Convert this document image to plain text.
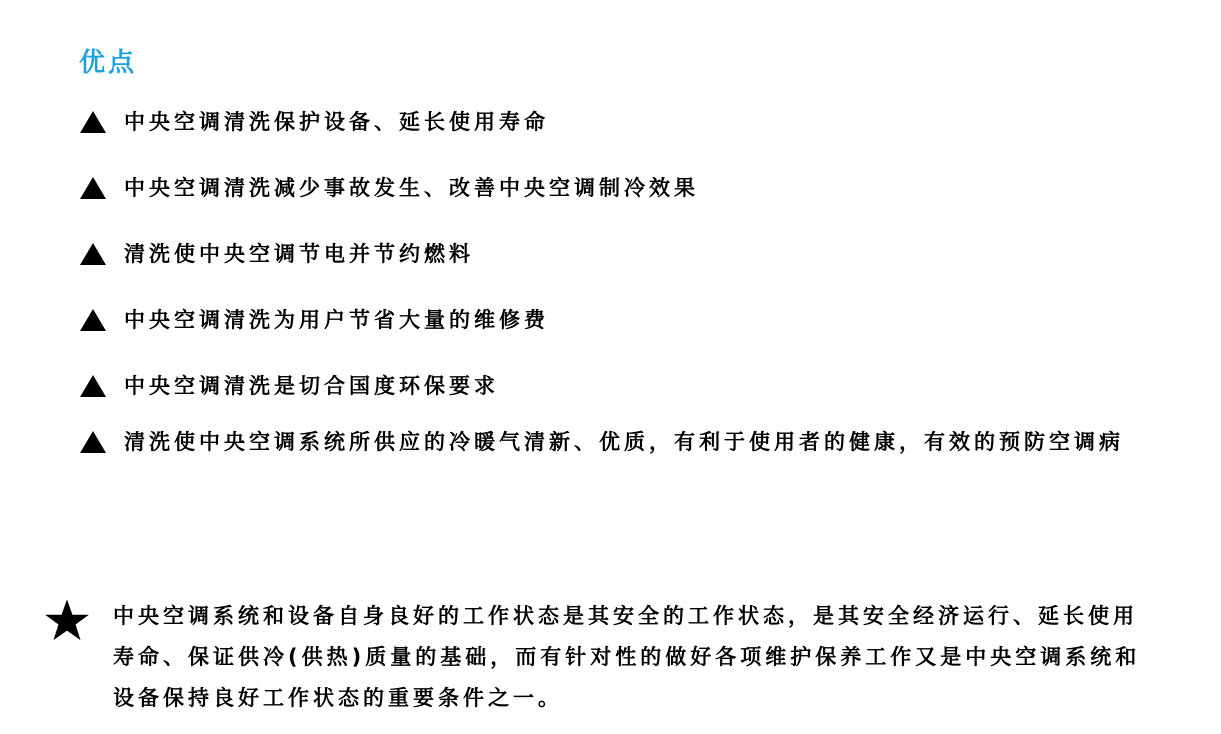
优点
中央空调清洗保护设备、延长使用寿命
中央空调清洗减少事故发生、改善中央空调制冷效果
清洗使中央空调节电并节约燃料
中央空调清洗为用户节省大量的维修费
中央空调清洗是切合国度环保要求
清洗使中央空调系统所供应的冷暖气清新、优质，有利于使用者的健康，有效的预防空调病
中央空调系统和设备自身良好的工作状态是其安全的工作状态，是其安全经济运行、延长使用寿命、保证供冷(供热)质量的基础，而有针对性的做好各项维护保养工作又是中央空调系统和设备保持良好工作状态的重要条件之一。
